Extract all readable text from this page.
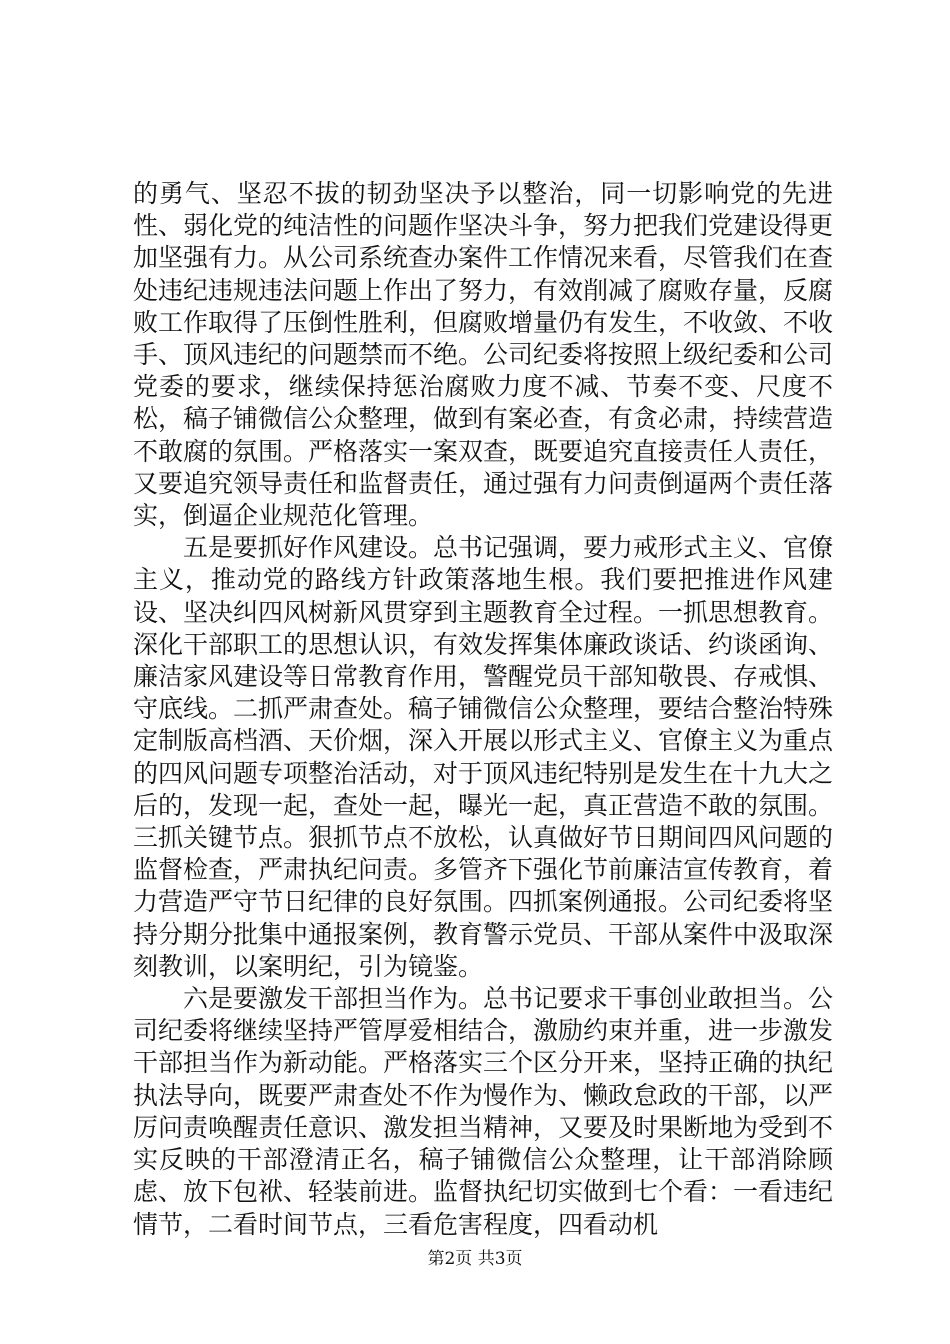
的勇气、坚忍不拔的韧劲坚决予以整治，同一切影响党的先进性、弱化党的纯洁性的问题作坚决斗争，努力把我们党建设得更加坚强有力。从公司系统查办案件工作情况来看，尽管我们在查处违纪违规违法问题上作出了努力，有效削减了腐败存量，反腐败工作取得了压倒性胜利，但腐败增量仍有发生，不收敛、不收手、顶风违纪的问题禁而不绝。公司纪委将按照上级纪委和公司党委的要求，继续保持惩治腐败力度不减、节奏不变、尺度不松，稿子铺微信公众整理，做到有案必查，有贪必肃，持续营造不敢腐的氛围。严格落实一案双查，既要追究直接责任人责任，又要追究领导责任和监督责任，通过强有力问责倒逼两个责任落实，倒逼企业规范化管理。

五是要抓好作风建设。总书记强调，要力戒形式主义、官僚主义，推动党的路线方针政策落地生根。我们要把推进作风建设、坚决纠四风树新风贯穿到主题教育全过程。一抓思想教育。深化干部职工的思想认识，有效发挥集体廉政谈话、约谈函询、廉洁家风建设等日常教育作用，警醒党员干部知敬畏、存戒惧、守底线。二抓严肃查处。稿子铺微信公众整理，要结合整治特殊定制版高档酒、天价烟，深入开展以形式主义、官僚主义为重点的四风问题专项整治活动，对于顶风违纪特别是发生在十九大之后的，发现一起，查处一起，曝光一起，真正营造不敢的氛围。三抓关键节点。狠抓节点不放松，认真做好节日期间四风问题的监督检查，严肃执纪问责。多管齐下强化节前廉洁宣传教育，着力营造严守节日纪律的良好氛围。四抓案例通报。公司纪委将坚持分期分批集中通报案例，教育警示党员、干部从案件中汲取深刻教训，以案明纪，引为镜鉴。

六是要激发干部担当作为。总书记要求干事创业敢担当。公司纪委将继续坚持严管厚爱相结合，激励约束并重，进一步激发干部担当作为新动能。严格落实三个区分开来，坚持正确的执纪执法导向，既要严肃查处不作为慢作为、懒政怠政的干部，以严厉问责唤醒责任意识、激发担当精神，又要及时果断地为受到不实反映的干部澄清正名，稿子铺微信公众整理，让干部消除顾虑、放下包袱、轻装前进。监督执纪切实做到七个看：一看违纪情节，二看时间节点，三看危害程度，四看动机

第2页 共3页
